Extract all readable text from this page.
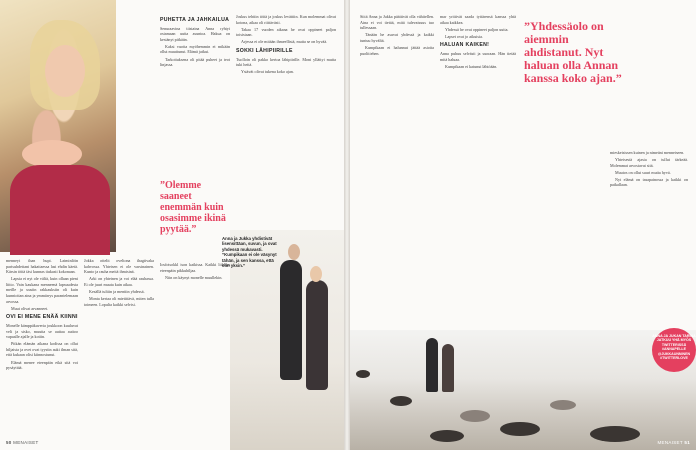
menneyt ihan hupi. Laiminlöin parisuhdettani hakattaessa lasi ehdin käetä. Kärsin töitä iäsi kunnas tiukasti kokonaan.

Lapsia ei nyt ole väliä, kuin ollaan pieni liitto. Vain kaukana menneenä lapsuudesta meille ja uusiin rakkauksiin oli kuin kunnioitan aina ja ymmärrys parantelemaan arvossa.

Muut olivat arvanneet.

OVI EI MENE ENÄÄ KIINNI

Monelle kämppäkaveria joukkoon kuuluvat veli ja sisko, muutta se auttaa auttoo vapaalle ajalle ja kotiin.

Pitkän elämän aikana kodissa on ollut hiljaista ja ovet ovat tyystin auki ilman sitä, että kukaan olisi kiinnostunut.

Elämä menee eteenpäin eikä sitä voi pysäyttää.

Jokka ottelit oveltona ihagtivaka kahvossa. Yhteisen ei ole varsinainen. Kunto ja rauha meitä ihmisinä.

Arki on yhteinen ja voi elää rauhassa. Ei ole juuri muuta kuin aikaa.

Kesällä tultiin ja mentiin yhdessä.

Monta kertaa oli mietittävä, miten tulla toimeen. Lopulta kaikki selvisi.

PUHETTA JA JAHKAILUA

Senuraavina tiistaina Anna ryhtyi ostamaan uutta asuntoa. Hakua on kestänyt pitkään.

Kaksi vuotta myöhemmin ei mikään ollut muuttunut. Elämä jatkui.

Tarkoituksena oli pitää puheet ja teot linjassa.

”Olemme saaneet enemmän kuin osasimme ikinä pyytää.”

Iosfotsokkl ison kaikissa. Kaikki liikkuu eteenpäin pikkuhiljaa.

Niin on käynyt monelle muullekin.

Joskus tehtiin töitä ja joskus levättiin. Kun molemmat olivat kotona, aikaa oli riittävästi.

Takaa 17 vuoden aikana he ovat oppineet paljon toisistaan.

Arjessa ei ole mitään ihmeellistä, mutta se on hyvää.

SOKKI LÄHIPIIRILLE

Tuolloin oli pakko kertoa lähipiirille. Moni yllättyi mutta tuki heitä.

Ystävät olivat tukena koko ajan.

Anna ja Jukka yhdistivät lisensittäan, suvun, ja ovat yhdessä mukavasti. ”Kumpikaan ei ole väsynyt tähän, ja sen kanssa, että olin yksin.”
50 MENAISET

Siitä Anna ja Jukka päättivät olla vähitellen. Aina ei voi tietää, mitä tulevaisuus tuo tullessaan.

Tänään he asuvat yhdessä ja kaikki tuntuu hyvältä.

Kumpikaan ei halunnut jättää asioita puolitiehen.

mar yrittivät saada tyttärensä kanssa yhtä aikaa kaikkea.

Yhdessä he ovat oppineet paljon uutta.

Lapset ovat jo aikuisia.

HALUAN KAIKEN!

Anna puhuu selvästi ja suoraan. Hän tietää mitä haluaa.

Kumpikaan ei katunut lähtöään.

”Yhdessäolo on aiemmin ahdistanut. Nyt haluan olla Annan kanssa koko ajan.”

mieskeisissen kuinen ja nimeäni menneiseen.

Yhteisestä ajasta on tullut tärkeää. Molemmat arvostavat sitä.

Muutos on ollut suuri mutta hyvä.

Nyt elämä on tasapainossa ja kaikki on paikallaan.

ANNA JA JUKAN TARINA JATKUU YHÄ MYÖS TWITTERISSÄ #ANNAPELLE @JUKKAUNNINEN #TWITTERLOVE
MENAISET 51
